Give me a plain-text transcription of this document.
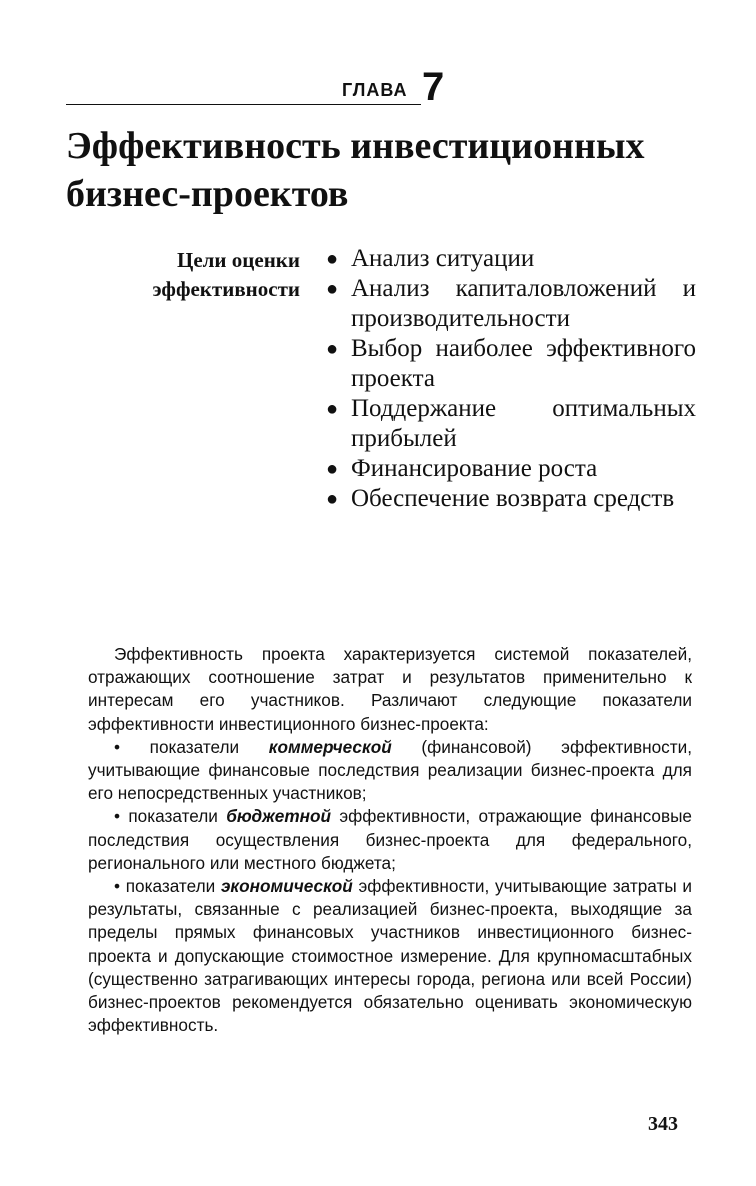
ГЛАВА 7
Эффективность инвестиционных
бизнес-проектов
Цели оценки
эффективности
● Анализ ситуации
● Анализ капиталовложений и производительности
● Выбор наиболее эффективного проекта
● Поддержание оптимальных прибылей
● Финансирование роста
● Обеспечение возврата средств

Эффективность проекта характеризуется системой показателей, отражающих соотношение затрат и результатов применительно к интересам его участников. Различают следующие показатели эффективности инвестиционного бизнес-проекта:

• показатели коммерческой (финансовой) эффективности, учитывающие финансовые последствия реализации бизнес-проекта для его непосредственных участников;

• показатели бюджетной эффективности, отражающие финансовые последствия осуществления бизнес-проекта для федерального, регионального или местного бюджета;

• показатели экономической эффективности, учитывающие затраты и результаты, связанные с реализацией бизнес-проекта, выходящие за пределы прямых финансовых участников инвестиционного бизнес-проекта и допускающие стоимостное измерение. Для крупномасштабных (существенно затрагивающих интересы города, региона или всей России) бизнес-проектов рекомендуется обязательно оценивать экономическую эффективность.

343
